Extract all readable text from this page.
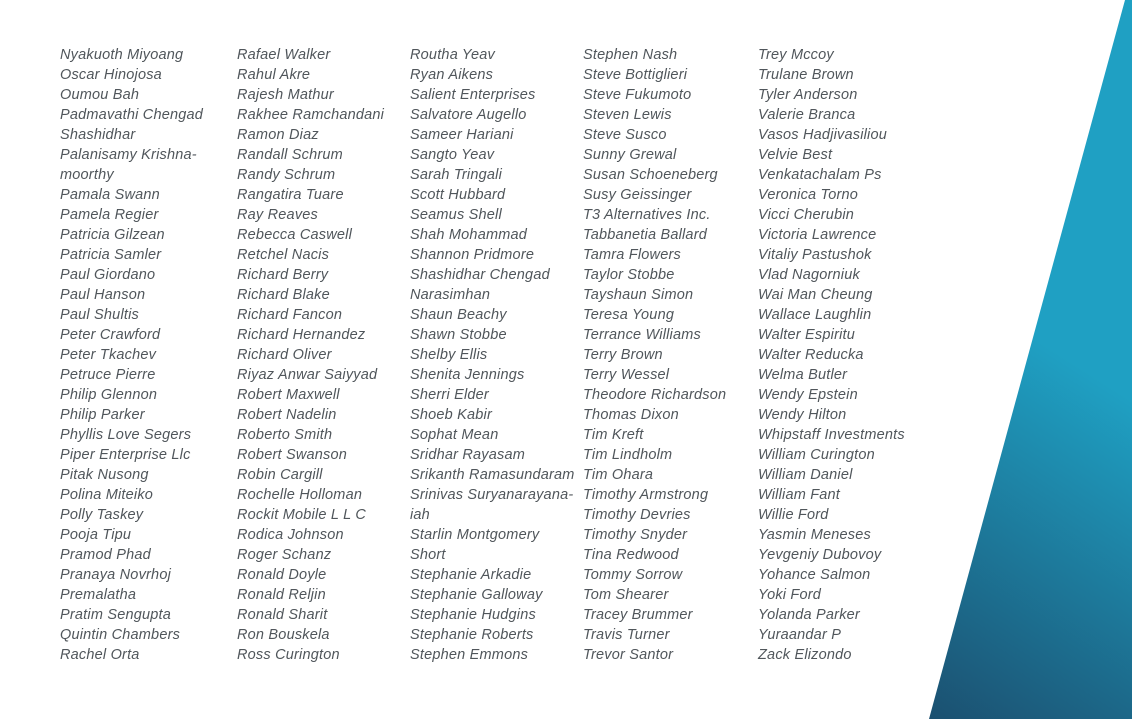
Nyakuoth Miyoang
Oscar Hinojosa
Oumou Bah
Padmavathi Chengad
Shashidhar
Palanisamy Krishna-
moorthy
Pamala Swann
Pamela Regier
Patricia Gilzean
Patricia Samler
Paul Giordano
Paul Hanson
Paul Shultis
Peter Crawford
Peter Tkachev
Petruce Pierre
Philip Glennon
Philip Parker
Phyllis Love Segers
Piper Enterprise Llc
Pitak Nusong
Polina Miteiko
Polly Taskey
Pooja Tipu
Pramod Phad
Pranaya Novrhoj
Premalatha
Pratim Sengupta
Quintin Chambers
Rachel Orta
Rafael Walker
Rahul Akre
Rajesh Mathur
Rakhee Ramchandani
Ramon Diaz
Randall Schrum
Randy Schrum
Rangatira Tuare
Ray Reaves
Rebecca Caswell
Retchel Nacis
Richard Berry
Richard Blake
Richard Fancon
Richard Hernandez
Richard Oliver
Riyaz Anwar Saiyyad
Robert Maxwell
Robert Nadelin
Roberto Smith
Robert Swanson
Robin Cargill
Rochelle Holloman
Rockit Mobile L L C
Rodica Johnson
Roger Schanz
Ronald Doyle
Ronald Reljin
Ronald Sharit
Ron Bouskela
Ross Curington
Routha Yeav
Ryan Aikens
Salient Enterprises
Salvatore Augello
Sameer Hariani
Sangto Yeav
Sarah Tringali
Scott Hubbard
Seamus Shell
Shah Mohammad
Shannon Pridmore
Shashidhar Chengad
Narasimhan
Shaun Beachy
Shawn Stobbe
Shelby Ellis
Shenita Jennings
Sherri Elder
Shoeb Kabir
Sophat Mean
Sridhar Rayasam
Srikanth Ramasundaram
Srinivas Suryanarayana-
iah
Starlin Montgomery
Short
Stephanie Arkadie
Stephanie Galloway
Stephanie Hudgins
Stephanie Roberts
Stephen Emmons
Stephen Nash
Steve Bottiglieri
Steve Fukumoto
Steven Lewis
Steve Susco
Sunny Grewal
Susan Schoeneberg
Susy Geissinger
T3 Alternatives Inc.
Tabbanetia Ballard
Tamra Flowers
Taylor Stobbe
Tayshaun Simon
Teresa Young
Terrance Williams
Terry Brown
Terry Wessel
Theodore Richardson
Thomas Dixon
Tim Kreft
Tim Lindholm
Tim Ohara
Timothy Armstrong
Timothy Devries
Timothy Snyder
Tina Redwood
Tommy Sorrow
Tom Shearer
Tracey Brummer
Travis Turner
Trevor Santor
Trey Mccoy
Trulane Brown
Tyler Anderson
Valerie Branca
Vasos Hadjivasiliou
Velvie Best
Venkatachalam Ps
Veronica Torno
Vicci Cherubin
Victoria Lawrence
Vitaliy Pastushok
Vlad Nagorniuk
Wai Man Cheung
Wallace Laughlin
Walter Espiritu
Walter Reducka
Welma Butler
Wendy Epstein
Wendy Hilton
Whipstaff Investments
William Curington
William Daniel
William Fant
Willie Ford
Yasmin Meneses
Yevgeniy Dubovoy
Yohance Salmon
Yoki Ford
Yolanda Parker
Yuraandar P
Zack Elizondo
